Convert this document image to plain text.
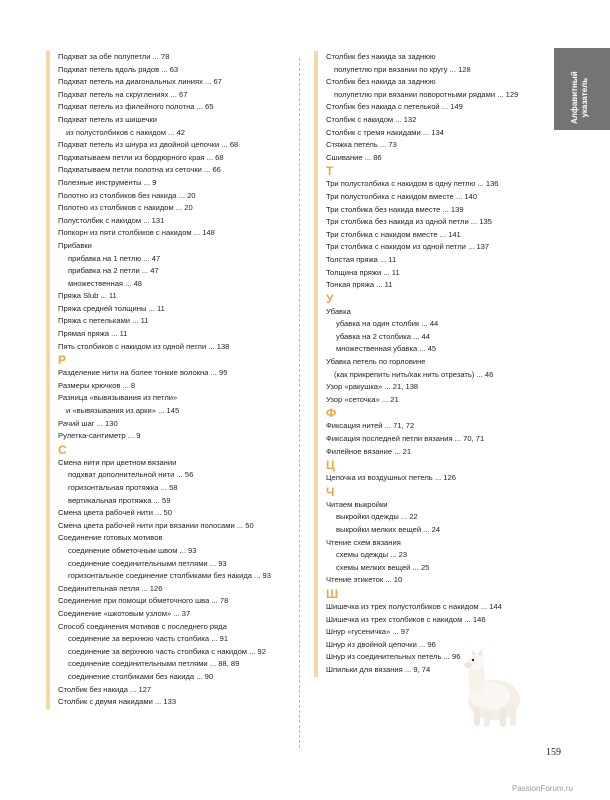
Подхват за обе полупетли ... 78
Подхват петель вдоль рядов ... 63
Подхват петель на диагональных линиях ... 67
Подхват петель на скруглениях ... 67
Подхват петель из филейного полотна ... 65
Подхват петель из шишечки
из полустолбиков с накидом ... 42
Подхват петель из шнура из двойной цепочки ... 68
Подхватываем петли из бордюрного края ... 68
Подхватываем петли полотна из сеточки ... 66
Полезные инструменты ... 9
Полотно из столбиков без накида ... 20
Полотно из столбиков с накидом ... 20
Полустолбик с накидом ... 131
Попкорн из пяти столбиков с накидом ... 148
Прибавки
прибавка на 1 петлю ... 47
прибавка на 2 петли ... 47
множественная ... 48
Пряжа Slub ... 11
Пряжа средней толщины ... 11
Пряжа с петельками ... 11
Прямая пряжа ... 11
Пять столбиков с накидом из одной петли ... 138
Р
Разделение нити на более тонкие волокна ... 95
Размеры крючков ... 8
Разница «вывязывания из петли»
и «вывязывания из арки» ... 145
Рачий шаг ... 130
Рулетка-сантиметр ... 9
С
Смена нити при цветном вязании
подхват дополнительной нити ... 56
горизонтальная протяжка ... 58
вертикальная протяжка ... 59
Смена цвета рабочей нити ... 50
Смена цвета рабочей нити при вязании полосами ... 50
Соединение готовых мотивов
соединение обметочным швом ... 93
соединение соединительными петлями ... 93
горизонтальное соединение столбиками без накида ... 93
Соединительная петля ... 126
Соединение при помощи обметочного шва ... 78
Соединение «шкотовым узлом» ... 37
Способ соединения мотивов с последнего ряда
соединение за верхнюю часть столбика ... 91
соединение за верхнюю часть столбика с накидом ... 92
соединение соединительными петлями ... 88, 89
соединение столбиками без накида ... 90
Столбик без накида ... 127
Столбик с двумя накидами ... 133
Столбик без накида за заднюю
полупетлю при вязании по кругу ... 128
Столбик без накида за заднюю
полупетлю при вязании поворотными рядами ... 129
Столбик без накида с петелькой ... 149
Столбик с накидом ... 132
Столбик с тремя накидами ... 134
Стяжка петель ... 73
Сшивание ... 86
Т
Три полустолбика с накидом в одну петлю ... 136
Три полустолбика с накидом вместе ... 140
Три столбика без накида вместе ... 139
Три столбика без накида из одной петли ... 135
Три столбика с накидом вместе ... 141
Три столбика с накидом из одной петли ... 137
Толстая пряжа ... 11
Толщина пряжи ... 11
Тонкая пряжа ... 11
У
Убавка
убавка на один столбик ... 44
убавка на 2 столбика ... 44
множественная убавка ... 45
Убавка петель по горловине
(как прикрепить нить/как нить отрезать) ... 46
Узор «ракушка» ... 21, 138
Узор «сеточка» ... 21
Ф
Фиксация нитей ... 71, 72
Фиксация последней петли вязания ... 70, 71
Филейное вязание ... 21
Ц
Цепочка из воздушных петель ... 126
Ч
Читаем выкройки
выкройки одежды ... 22
выкройки мелких вещей ... 24
Чтение схем вязания
схемы одежды ... 23
схемы мелких вещей ... 25
Чтение этикеток ... 10
Ш
Шишечка из трех полустолбиков с накидом ... 144
Шишечка из трех столбиков с накидом ... 146
Шнур «гусеничка» ... 97
Шнур из двойной цепочки ... 96
Шнур из соединительных петель ... 96
Шпильки для вязания ... 9, 74
Алфавитный указатель
159
PassionForum.ru
